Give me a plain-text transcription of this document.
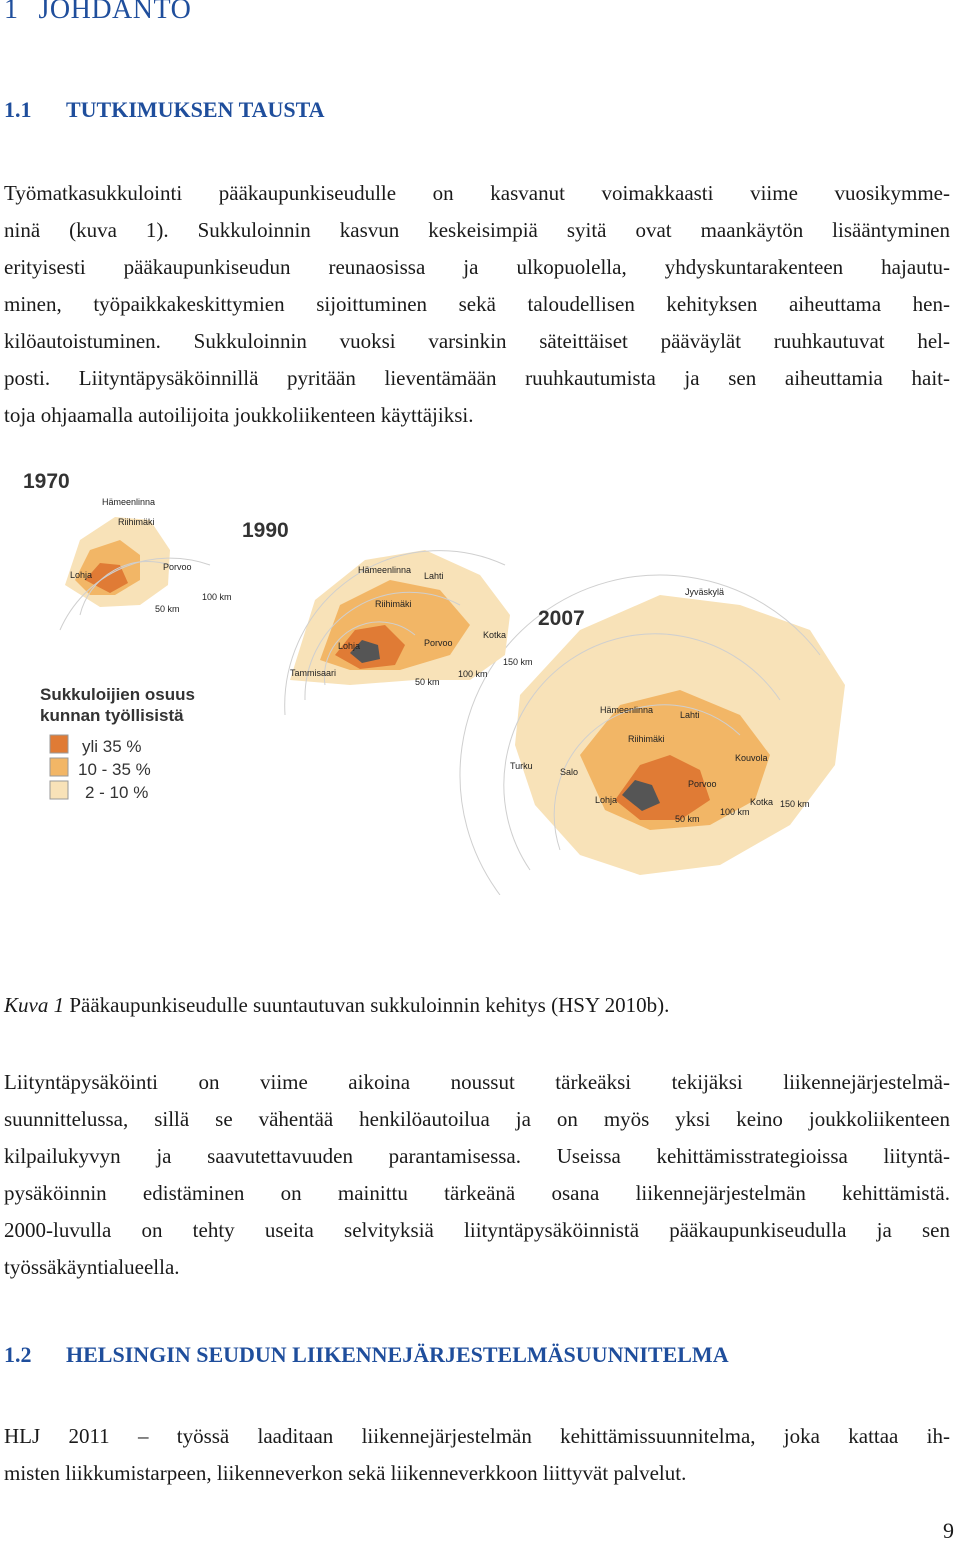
1 JOHDANTO
1.1 TUTKIMUKSEN TAUSTA
Työmatkasukkulointi pääkaupunkiseudulle on kasvanut voimakkaasti viime vuosikymme-
ninä (kuva 1). Sukkuloinnin kasvun keskeisimpiä syitä ovat maankäytön lisääntyminen
erityisesti pääkaupunkiseudun reunaosissa ja ulkopuolella, yhdyskuntarakenteen hajautu-
minen, työpaikkakeskittymien sijoittuminen sekä taloudellisen kehityksen aiheuttama hen-
kilöautoistuminen. Sukkuloinnin vuoksi varsinkin säteittäiset pääväylät ruuhkautuvat hel-
posti. Liityntäpysäköinnillä pyritään lieventämään ruuhkautumista ja sen aiheuttamia hait-
toja ohjaamalla autoilijoita joukkoliikenteen käyttäjiksi.
2007
Jyväskylä
Hämeenlinna	Lahti
Riihimäki
Kouvola
Turku
Salo
Porvoo
Kotka
Lohja	150 km
100 km
50 km
1990
Hämeenlinna
Lahti
Riihimäki
Kotka
Porvoo
Lohja
Tammisaari
150 km
100 km
50 km
1970
Hämeenlinna
Riihimäki
Porvoo
Lohja
100 km
50 km
Sukkuloijien osuus
kunnan työllisistä
yli 35 %
10 - 35 %
2 - 10 %
Kuva 1 Pääkaupunkiseudulle suuntautuvan sukkuloinnin kehitys (HSY 2010b).
Liityntäpysäköinti on viime aikoina noussut tärkeäksi tekijäksi liikennejärjestelmä-
suunnittelussa, sillä se vähentää henkilöautoilua ja on myös yksi keino joukkoliikenteen
kilpailukyvyn ja saavutettavuuden parantamisessa. Useissa kehittämisstrategioissa liityntä-
pysäköinnin edistäminen on mainittu tärkeänä osana liikennejärjestelmän kehittämistä.
2000-luvulla on tehty useita selvityksiä liityntäpysäköinnistä pääkaupunkiseudulla ja sen
työssäkäyntialueella.
1.2 HELSINGIN SEUDUN LIIKENNEJÄRJESTELMÄSUUNNITELMA
HLJ 2011 – työssä laaditaan liikennejärjestelmän kehittämissuunnitelma, joka kattaa ih-
misten liikkumistarpeen, liikenneverkon sekä liikenneverkkoon liittyvät palvelut.
9
